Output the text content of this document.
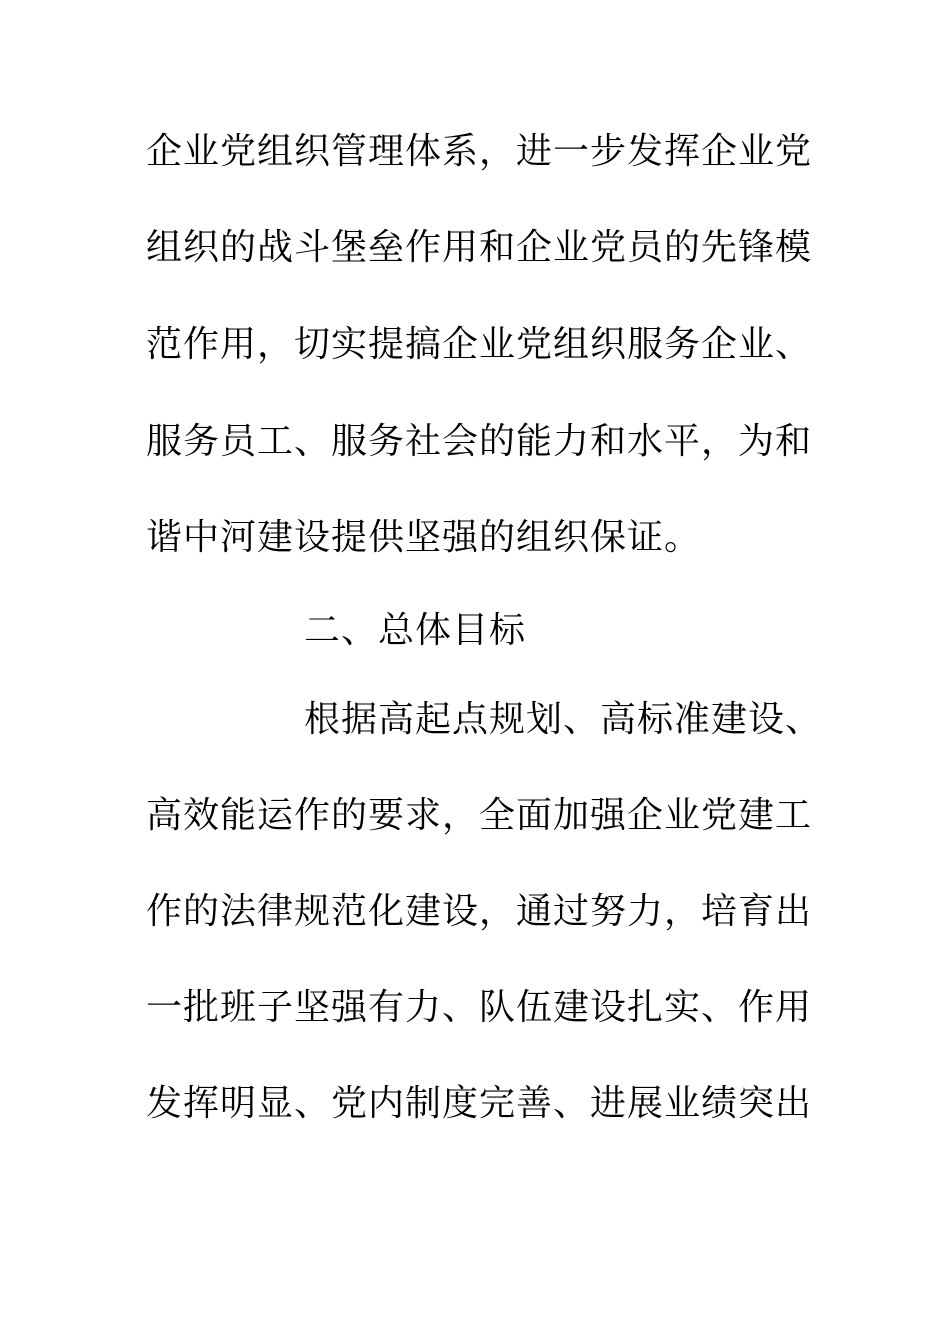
企业党组织管理体系，进一步发挥企业党
组织的战斗堡垒作用和企业党员的先锋模
范作用，切实提搞企业党组织服务企业、
服务员工、服务社会的能力和水平，为和
谐中河建设提供坚强的组织保证。
二、总体目标
根据高起点规划、高标准建设、
高效能运作的要求，全面加强企业党建工
作的法律规范化建设，通过努力，培育出
一批班子坚强有力、队伍建设扎实、作用
发挥明显、党内制度完善、进展业绩突出
